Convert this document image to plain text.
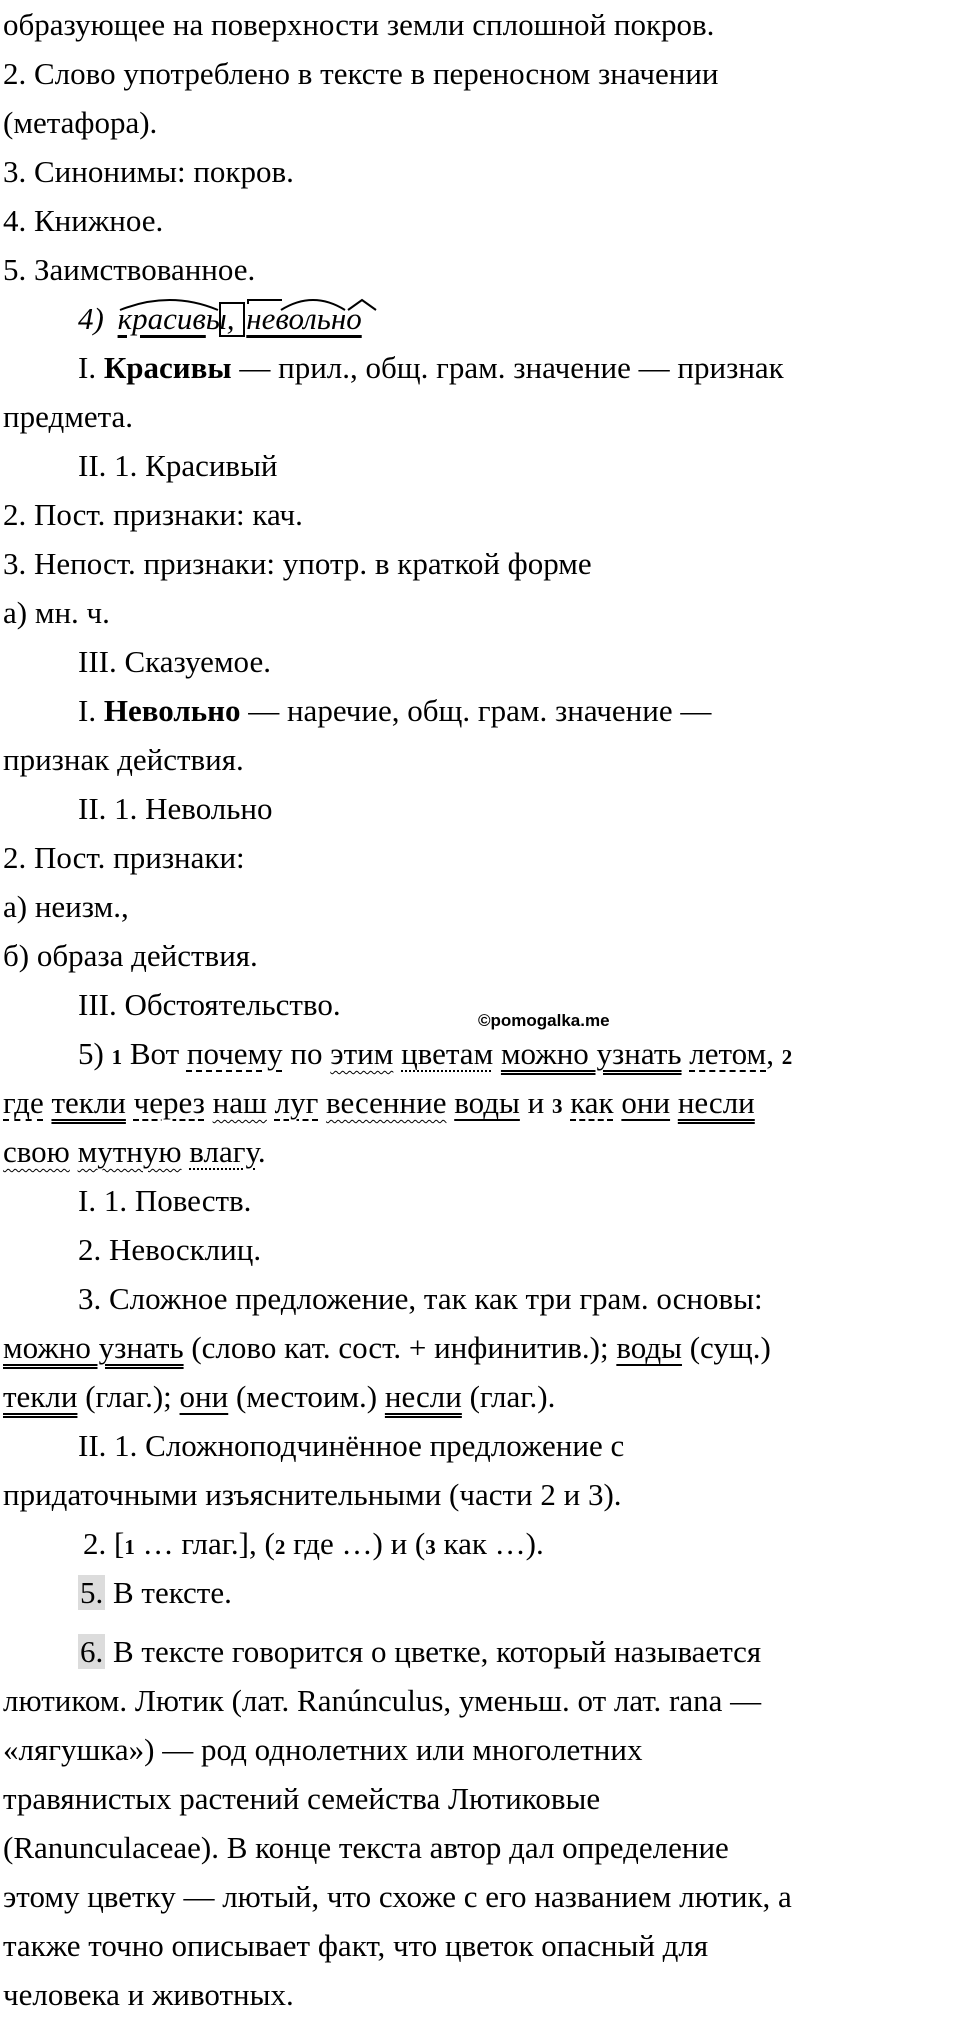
образующее на поверхности земли сплошной покров.
2. Слово употреблено в тексте в переносном значении
(метафора).
3. Синонимы: покров.
4. Книжное.
5. Заимствованное.
4) красивы, невольно
I. Красивы — прил., общ. грам. значение — признак
предмета.
II. 1. Красивый
2. Пост. признаки: кач.
3. Непост. признаки: употр. в краткой форме
а) мн. ч.
III. Сказуемое.
I. Невольно — наречие, общ. грам. значение —
признак действия.
II. 1. Невольно
2. Пост. признаки:
а) неизм.,
б) образа действия.
III. Обстоятельство.
5) 1 Вот почему по этим цветам можно узнать летом, 2
где текли через наш луг весенние воды и 3 как они несли
свою мутную влагу.
I. 1. Повеств.
2. Невосклиц.
3. Сложное предложение, так как три грам. основы:
можно узнать (слово кат. сост. + инфинитив.); воды (сущ.)
текли (глаг.); они (местоим.) несли (глаг.).
II. 1. Сложноподчинённое предложение с
придаточными изъяснительными (части 2 и 3).
2. [1 … глаг.], (2 где …) и (3 как …).
5. В тексте.
6. В тексте говорится о цветке, который называется
лютиком. Лютик (лат. Ranúnculus, уменьш. от лат. rana —
«лягушка») — род однолетних или многолетних
травянистых растений семейства Лютиковые
(Ranunculaceae). В конце текста автор дал определение
этому цветку — лютый, что схоже с его названием лютик, а
также точно описывает факт, что цветок опасный для
человека и животных.
©pomogalka.me
